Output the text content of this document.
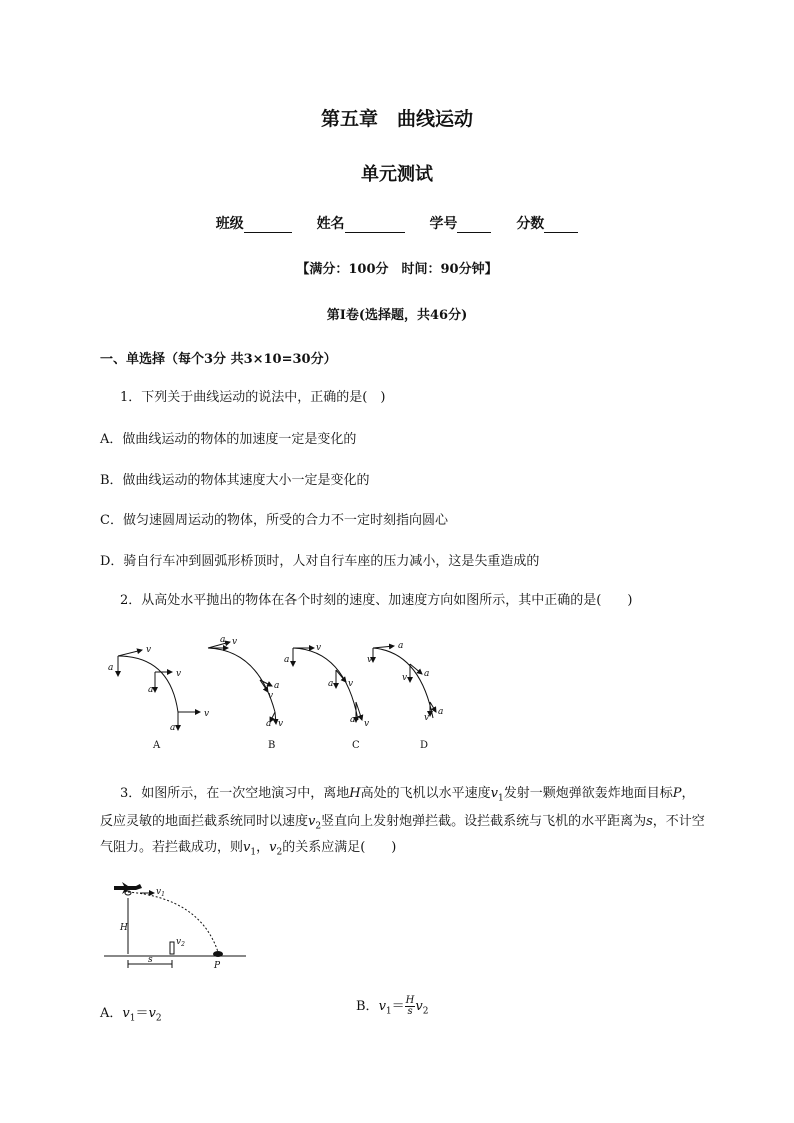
第五章　曲线运动
单元测试
班级	姓名	学号	分数
【满分：100分　时间：90分钟】
第Ⅰ卷(选择题，共46分)
一、单选择（每个3分 共3×10=30分）
1．下列关于曲线运动的说法中，正确的是(　)
A．做曲线运动的物体的加速度一定是变化的
B．做曲线运动的物体其速度大小一定是变化的
C．做匀速圆周运动的物体，所受的合力不一定时刻指向圆心
D．骑自行车冲到圆弧形桥顶时，人对自行车座的压力减小，这是失重造成的
2．从高处水平抛出的物体在各个时刻的速度、加速度方向如图所示，其中正确的是(　　)
v
a
v
a
v
a
a v
v
a
a v
a
v
a v
a v
v
a
v a
v
a
A	B	C	D
3．如图所示，在一次空地演习中，离地H高处的飞机以水平速度$v_1$发射一颗炮弹欲轰炸地面目标P，
反应灵敏的地面拦截系统同时以速度$v_2$竖直向上发射炮弹拦截。设拦截系统与飞机的水平距离为s，不计空
气阻力。若拦截成功，则$v_1$，$v_2$的关系应满足(　　)
$v_1$
$v_2$
H
s
P
A．$v_1=v_2$
B．$v_1= \frac{H}{s} v_2$
